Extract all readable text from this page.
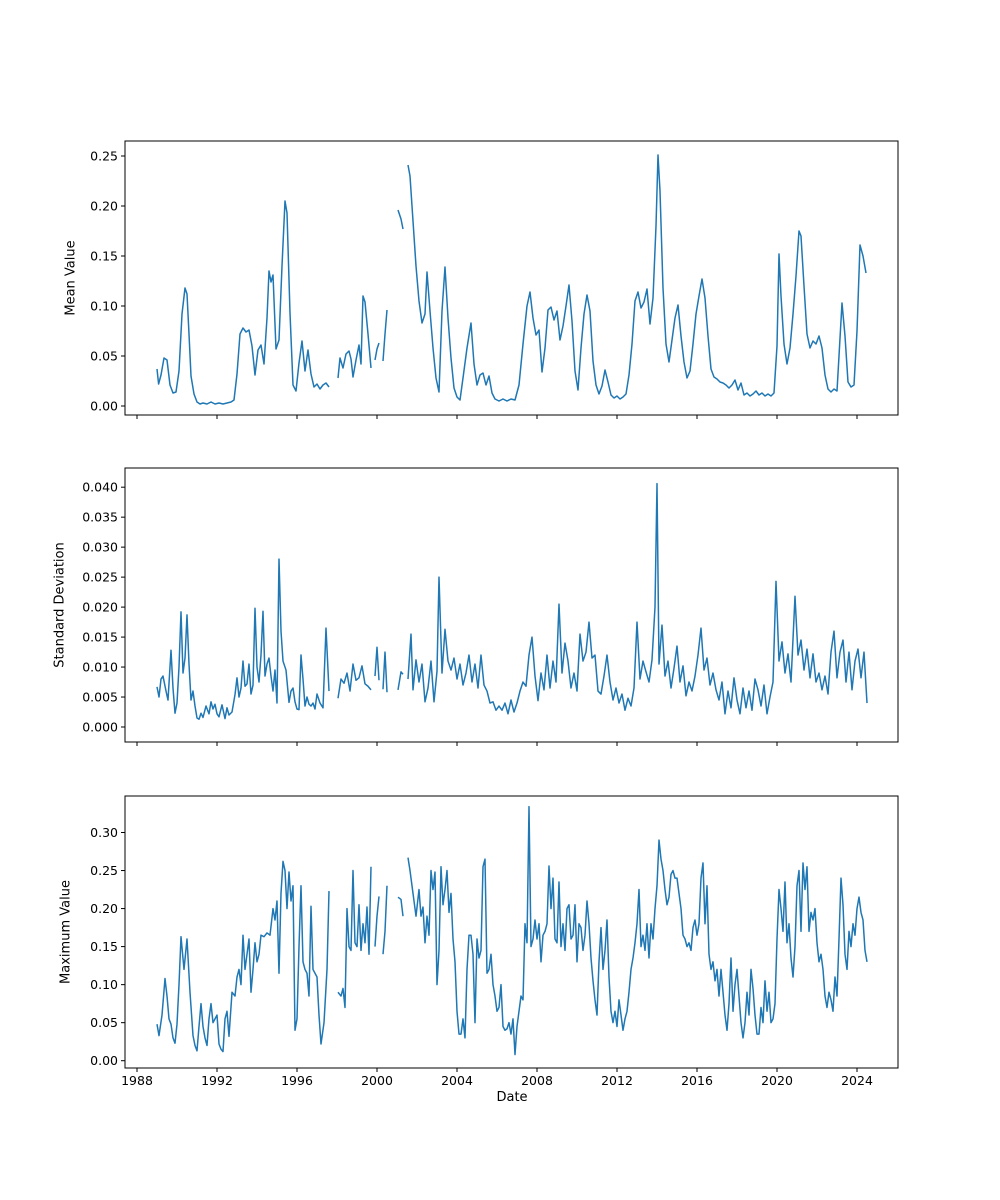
0.00
0.05
0.10
0.15
0.20
0.25
0.000
0.005
0.010
0.015
0.020
0.025
0.030
0.035
0.040
1988	1992	1996	2000	2004	2008	2012	2016	2020	2024
0.00
0.05
0.10
0.15
0.20
0.25
0.30
Mean Value
Standard Deviation
Maximum Value
Date
